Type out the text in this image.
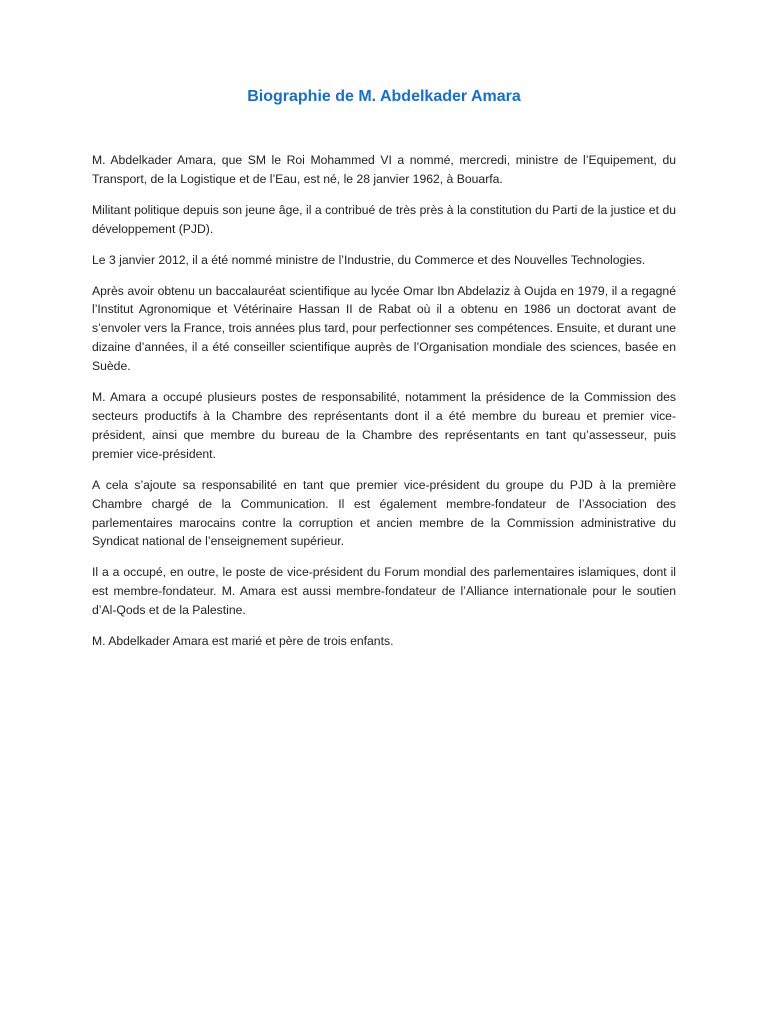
Biographie de M. Abdelkader Amara

M. Abdelkader Amara, que SM le Roi Mohammed VI a nommé, mercredi, ministre de l’Equipement, du Transport, de la Logistique et de l’Eau, est né, le 28 janvier 1962, à Bouarfa.

Militant politique depuis son jeune âge, il a contribué de très près à la constitution du Parti de la justice et du développement (PJD).

Le 3 janvier 2012, il a été nommé ministre de l’Industrie, du Commerce et des Nouvelles Technologies.

Après avoir obtenu un baccalauréat scientifique au lycée Omar Ibn Abdelaziz à Oujda en 1979, il a regagné l’Institut Agronomique et Vétérinaire Hassan II de Rabat où il a obtenu en 1986 un doctorat avant de s’envoler vers la France, trois années plus tard, pour perfectionner ses compétences. Ensuite, et durant une dizaine d’années, il a été conseiller scientifique auprès de l’Organisation mondiale des sciences, basée en Suède.

M. Amara a occupé plusieurs postes de responsabilité, notamment la présidence de la Commission des secteurs productifs à la Chambre des représentants dont il a été membre du bureau et premier vice-président, ainsi que membre du bureau de la Chambre des représentants en tant qu’assesseur, puis premier vice-président.

A cela s’ajoute sa responsabilité en tant que premier vice-président du groupe du PJD à la première Chambre chargé de la Communication. Il est également membre-fondateur de l’Association des parlementaires marocains contre la corruption et ancien membre de la Commission administrative du Syndicat national de l’enseignement supérieur.

Il a a occupé, en outre, le poste de vice-président du Forum mondial des parlementaires islamiques, dont il est membre-fondateur. M. Amara est aussi membre-fondateur de l’Alliance internationale pour le soutien d’Al-Qods et de la Palestine.

M. Abdelkader Amara est marié et père de trois enfants.
